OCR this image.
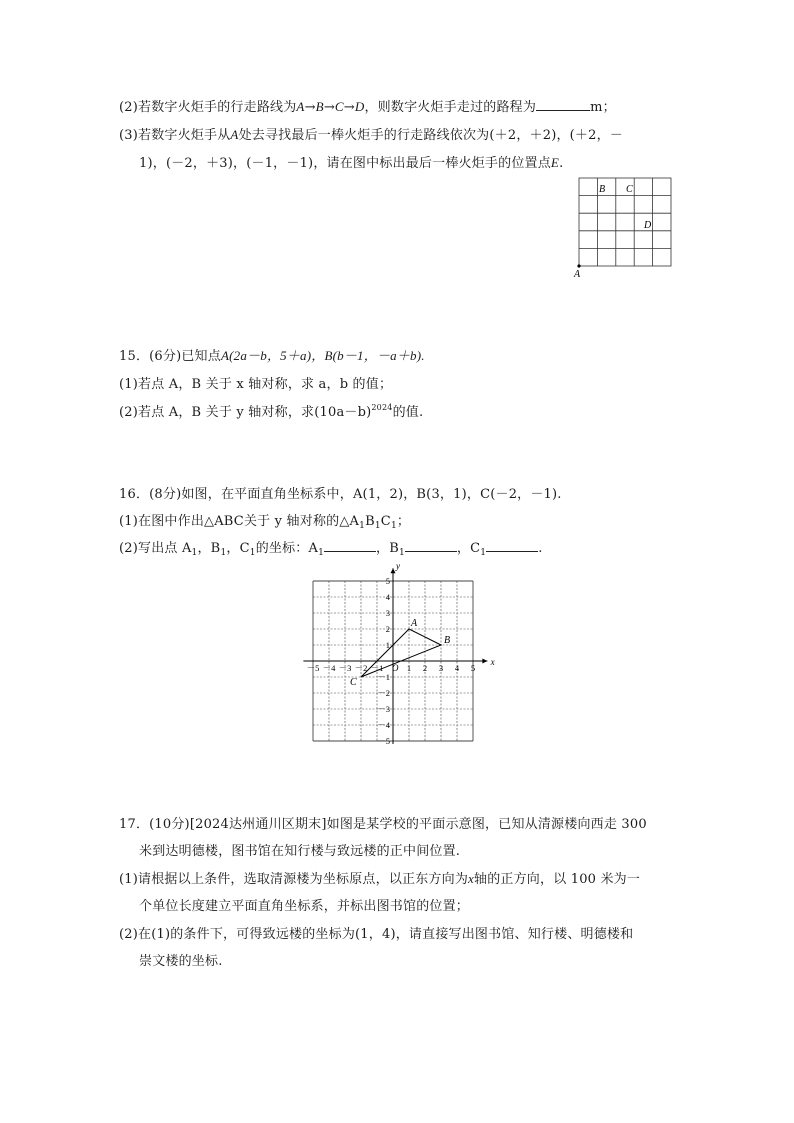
(2)若数字火炬手的行走路线为A→B→C→D，则数字火炬手走过的路程为	m；
(3)若数字火炬手从A处去寻找最后一棒火炬手的行走路线依次为(＋2，＋2)，(＋2，－
1)，(－2，＋3)，(－1，－1)，请在图中标出最后一棒火炬手的位置点E.
A
B C
D
15．(6分)已知点A(2a－b，5＋a)，B(b－1，－a＋b).
(1)若点 A，B 关于 x 轴对称，求 a，b 的值；
(2)若点 A，B 关于 y 轴对称，求$(10a-b)^{2024}$的值.
16．(8分)如图，在平面直角坐标系中，A(1，2)，B(3，1)，C(－2，－1).
(1)在图中作出△ABC关于 y 轴对称的$\triangle A_1B_1C_1$；
(2)写出点 $A_1$，$B_1$，$C_1$的坐标：$A_1$	，$B_1$	，$C_1$	.
x
y
O
－5 －4 －3 －2 －1	1 2 3 4 5
5
4
3
2
1
－1
－2
－3
－4
－5
A
B
C
17．(10分)[2024达州通川区期末]如图是某学校的平面示意图，已知从清源楼向西走 300
米到达明德楼，图书馆在知行楼与致远楼的正中间位置.
(1)请根据以上条件，选取清源楼为坐标原点，以正东方向为x轴的正方向，以 100 米为一
个单位长度建立平面直角坐标系，并标出图书馆的位置；
(2)在(1)的条件下，可得致远楼的坐标为(1，4)，请直接写出图书馆、知行楼、明德楼和
崇文楼的坐标.
